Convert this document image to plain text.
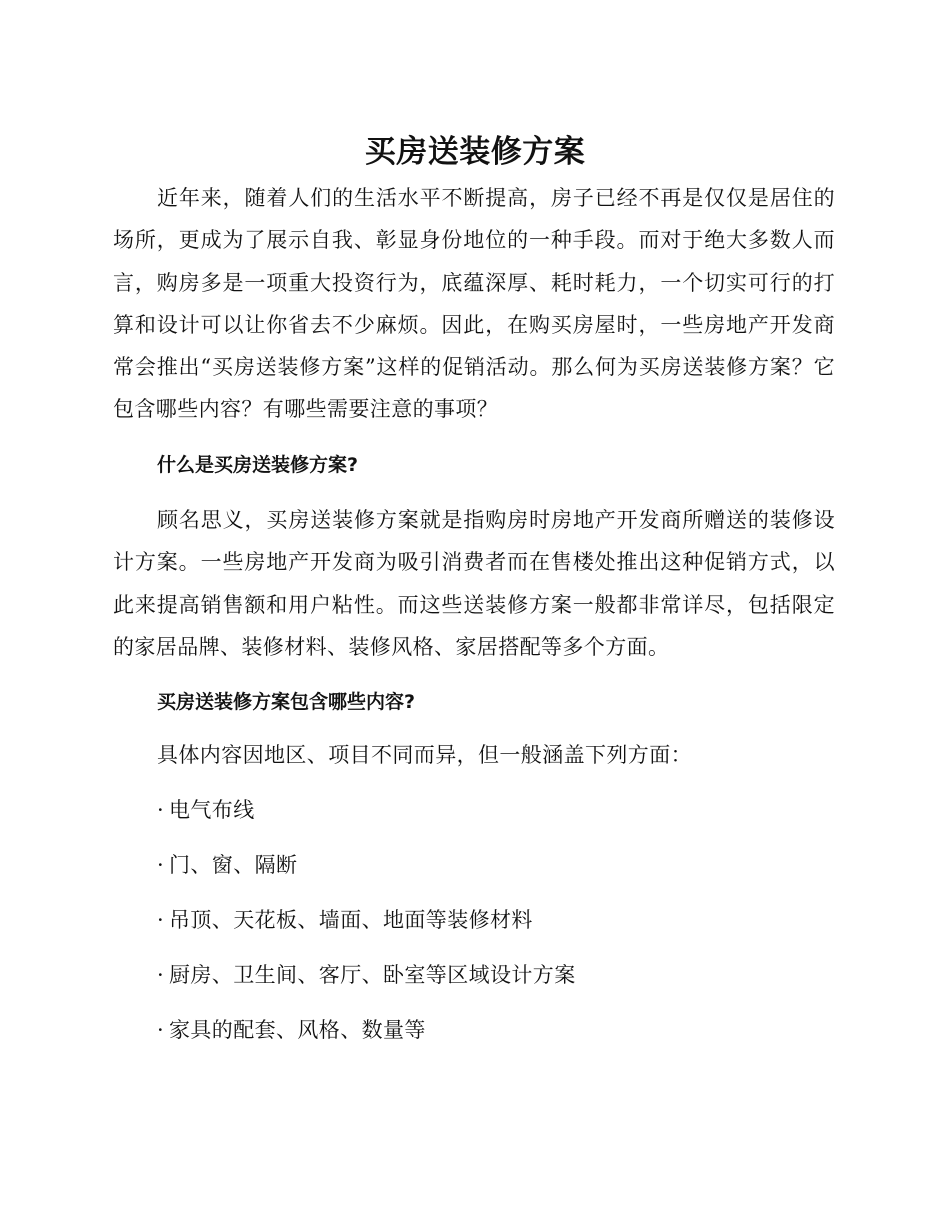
买房送装修方案

近年来，随着人们的生活水平不断提高，房子已经不再是仅仅是居住的场所，更成为了展示自我、彰显身份地位的一种手段。而对于绝大多数人而言，购房多是一项重大投资行为，底蕴深厚、耗时耗力，一个切实可行的打算和设计可以让你省去不少麻烦。因此，在购买房屋时，一些房地产开发商常会推出“买房送装修方案”这样的促销活动。那么何为买房送装修方案？它包含哪些内容？有哪些需要注意的事项？

什么是买房送装修方案?

顾名思义，买房送装修方案就是指购房时房地产开发商所赠送的装修设计方案。一些房地产开发商为吸引消费者而在售楼处推出这种促销方式，以此来提高销售额和用户粘性。而这些送装修方案一般都非常详尽，包括限定的家居品牌、装修材料、装修风格、家居搭配等多个方面。

买房送装修方案包含哪些内容?

具体内容因地区、项目不同而异，但一般涵盖下列方面：

· 电气布线

· 门、窗、隔断

· 吊顶、天花板、墙面、地面等装修材料

· 厨房、卫生间、客厅、卧室等区域设计方案

· 家具的配套、风格、数量等
